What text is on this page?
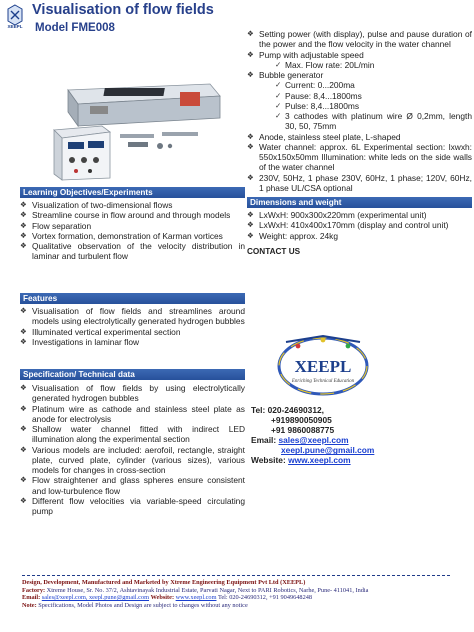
XEEPL
Visualisation of flow fields
Model FME008
Learning Objectives/Experiments
❖ Visualization of two-dimensional flows
❖ Streamline course in flow around and through models
❖ Flow separation
❖ Vortex formation, demonstration of Karman vortices
❖ Qualitative observation of the velocity distribution in laminar and turbulent flow
Features
❖ Visualisation of flow fields and streamlines around models using electrolytically generated hydrogen bubbles
❖ Illuminated vertical experimental section
❖ Investigations in laminar flow
Specification/ Technical data
❖ Visualisation of flow fields by using electrolytically generated hydrogen bubbles
❖ Platinum wire as cathode and stainless steel plate as anode for electrolysis
❖ Shallow water channel fitted with indirect LED illumination along the experimental section
❖ Various models are included: aerofoil, rectangle, straight plate, curved plate, cylinder (various sizes), various models for changes in cross-section
❖ Flow straightener and glass spheres ensure consistent and low-turbulence flow
❖ Different flow velocities via variable-speed circulating pump
❖ Setting power (with display), pulse and pause duration of the power and the flow velocity in the water channel
❖ Pump with adjustable speed
✓ Max. Flow rate: 20L/min
❖ Bubble generator
✓ Current: 0...200ma
✓ Pause: 8,4...1800ms
✓ Pulse: 8,4...1800ms
✓ 3 cathodes with platinum wire Ø 0,2mm, length 30, 50, 75mm
❖ Anode, stainless steel plate, L-shaped
❖ Water channel: approx. 6L Experimental section: lxwxh: 550x150x50mm Illumination: white leds on the side walls of the water channel
❖ 230V, 50Hz, 1 phase 230V, 60Hz, 1 phase; 120V, 60Hz, 1 phase UL/CSA optional
Dimensions and weight
❖ LxWxH: 900x300x220mm (experimental unit)
❖ LxWxH: 410x400x170mm (display and control unit)
❖ Weight: approx. 24kg
CONTACT US
XEEPL
Enriching Technical Education
Tel: 020-24690312,
+919890050905
+91 9860088775
Email: sales@xeepl.com
xeepl.pune@gmail.com
Website: www.xeepl.com
Design, Development, Manufactured and Marketed by Xtreme Engineering Equipment Pvt Ltd (XEEPL)
Factory: Xtreme House, Sr. No. 37/2, Ashtavinayak Industrial Estate, Parvati Nagar, Next to PARI Robotics, Narhe, Pune- 411041, India
Email: sales@xeepl.com, xeepl.pune@gmail.com Website: www.xeepl.com Tel: 020-24690312, +91 9049648248
Note: Specifications, Model Photos and Design are subject to changes without any notice
